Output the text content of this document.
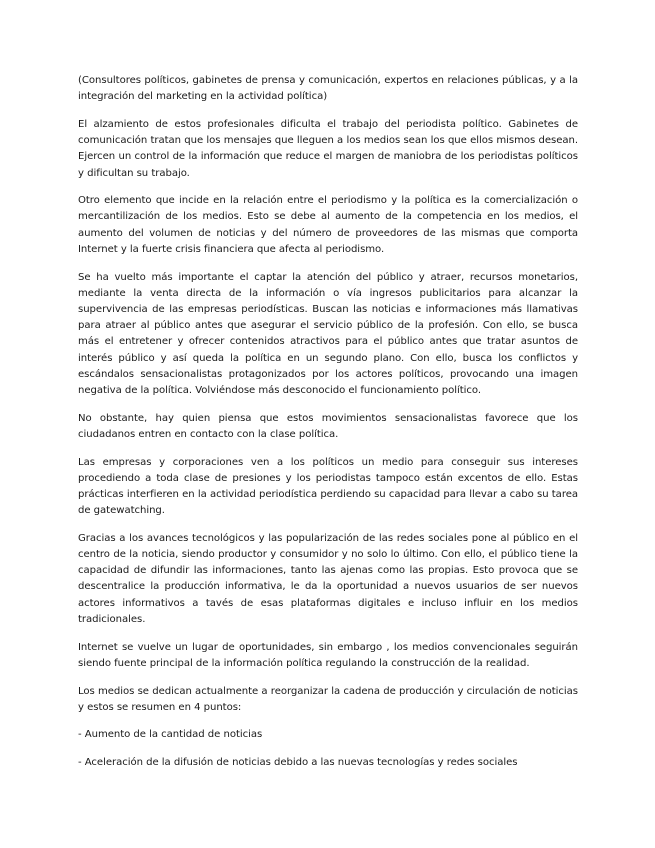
(Consultores políticos, gabinetes de prensa y comunicación, expertos en relaciones públicas, y a la integración del marketing en la actividad política)

El alzamiento de estos profesionales dificulta el trabajo del periodista político. Gabinetes de comunicación tratan que los mensajes que lleguen a los medios sean los que ellos mismos desean. Ejercen un control de la información que reduce el margen de maniobra de los periodistas políticos y dificultan su trabajo.

Otro elemento que incide en la relación entre el periodismo y la política es la comercialización o mercantilización de los medios. Esto se debe al aumento de la competencia en los medios, el aumento del volumen de noticias y del número de proveedores de las mismas que comporta Internet y la fuerte crisis financiera que afecta al periodismo.

Se ha vuelto más importante el captar la atención del público y atraer, recursos monetarios, mediante la venta directa de la información o vía ingresos publicitarios para alcanzar la supervivencia de las empresas periodísticas. Buscan las noticias e informaciones más llamativas para atraer al público antes que asegurar el servicio público de la profesión. Con ello, se busca más el entretener y ofrecer contenidos atractivos para el público antes que tratar asuntos de interés público y así queda la política en un segundo plano. Con ello, busca los conflictos y escándalos sensacionalistas protagonizados por los actores políticos, provocando una imagen negativa de la política. Volviéndose más desconocido el funcionamiento político.

No obstante, hay quien piensa que estos movimientos sensacionalistas favorece que los ciudadanos entren en contacto con la clase política.

Las empresas y corporaciones ven a los políticos un medio para conseguir sus intereses procediendo a toda clase de presiones y los periodistas tampoco están excentos de ello. Estas prácticas interfieren en la actividad periodística perdiendo su capacidad para llevar a cabo su tarea de gatewatching.

Gracias a los avances tecnológicos y las popularización de las redes sociales pone al público en el centro de la noticia, siendo productor y consumidor y no solo lo último. Con ello, el público tiene la capacidad de difundir las informaciones, tanto las ajenas como las propias. Esto provoca que se descentralice la producción informativa, le da la oportunidad a nuevos usuarios de ser nuevos actores informativos a tavés de esas plataformas digitales e incluso influir en los medios tradicionales.

Internet se vuelve un lugar de oportunidades, sin embargo , los medios convencionales seguirán siendo fuente principal de la información política regulando la construcción de la realidad.

Los medios se dedican actualmente a reorganizar la cadena de producción y circulación de noticias y estos se resumen en 4 puntos:

- Aumento de la cantidad de noticias

- Aceleración de la difusión de noticias debido a las nuevas tecnologías y redes sociales
